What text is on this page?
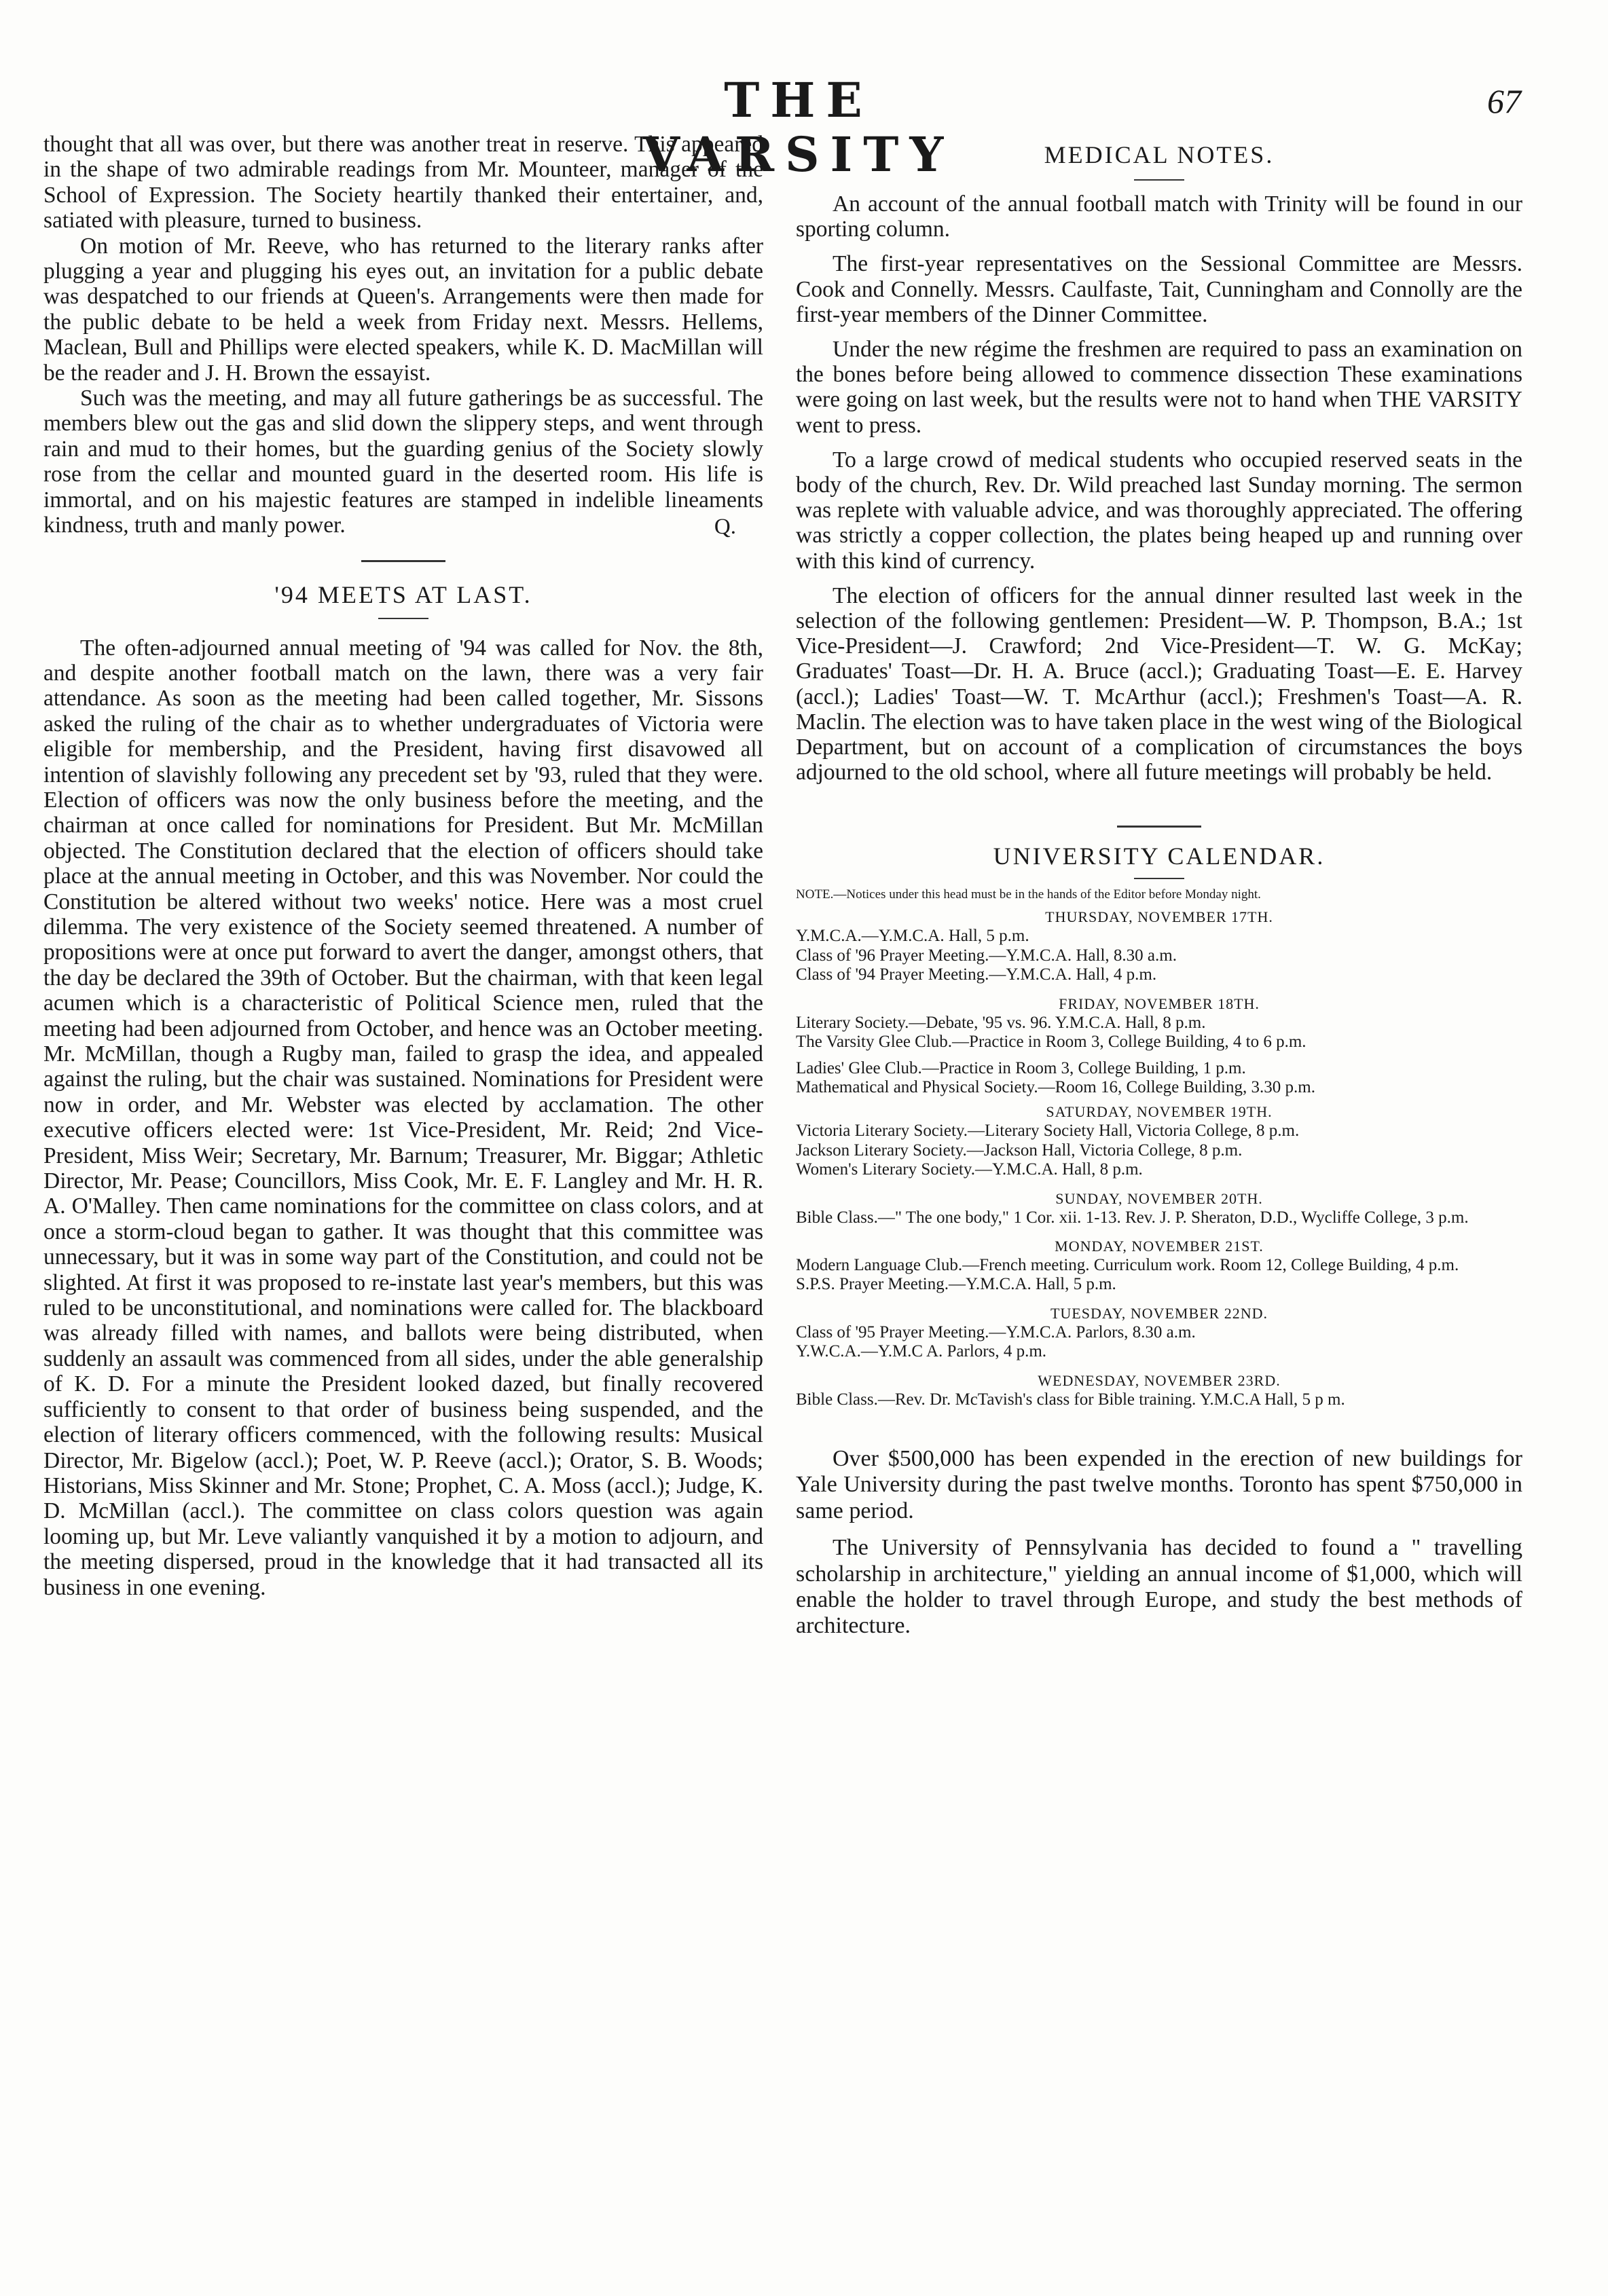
THE VARSITY
67

thought that all was over, but there was another treat in reserve. This appeared in the shape of two admirable readings from Mr. Mounteer, manager of the School of Expression. The Society heartily thanked their entertainer, and, satiated with pleasure, turned to business.

On motion of Mr. Reeve, who has returned to the literary ranks after plugging a year and plugging his eyes out, an invitation for a public debate was despatched to our friends at Queen's. Arrangements were then made for the public debate to be held a week from Friday next. Messrs. Hellems, Maclean, Bull and Phillips were elected speakers, while K. D. MacMillan will be the reader and J. H. Brown the essayist.

Such was the meeting, and may all future gatherings be as successful. The members blew out the gas and slid down the slippery steps, and went through rain and mud to their homes, but the guarding genius of the Society slowly rose from the cellar and mounted guard in the deserted room. His life is immortal, and on his majestic features are stamped in indelible lineaments kindness, truth and manly power.	Q.
'94 MEETS AT LAST.

The often-adjourned annual meeting of '94 was called for Nov. the 8th, and despite another football match on the lawn, there was a very fair attendance. As soon as the meeting had been called together, Mr. Sissons asked the ruling of the chair as to whether undergraduates of Victoria were eligible for membership, and the President, having first disavowed all intention of slavishly following any precedent set by '93, ruled that they were. Election of officers was now the only business before the meeting, and the chairman at once called for nominations for President. But Mr. McMillan objected. The Constitution declared that the election of officers should take place at the annual meeting in October, and this was November. Nor could the Constitution be altered without two weeks' notice. Here was a most cruel dilemma. The very existence of the Society seemed threatened. A number of propositions were at once put forward to avert the danger, amongst others, that the day be declared the 39th of October. But the chairman, with that keen legal acumen which is a characteristic of Political Science men, ruled that the meeting had been adjourned from October, and hence was an October meeting. Mr. McMillan, though a Rugby man, failed to grasp the idea, and appealed against the ruling, but the chair was sustained. Nominations for President were now in order, and Mr. Webster was elected by acclamation. The other executive officers elected were: 1st Vice-President, Mr. Reid; 2nd Vice-President, Miss Weir; Secretary, Mr. Barnum; Treasurer, Mr. Biggar; Athletic Director, Mr. Pease; Councillors, Miss Cook, Mr. E. F. Langley and Mr. H. R. A. O'Malley. Then came nominations for the committee on class colors, and at once a storm-cloud began to gather. It was thought that this committee was unnecessary, but it was in some way part of the Constitution, and could not be slighted. At first it was proposed to re-instate last year's members, but this was ruled to be unconstitutional, and nominations were called for. The blackboard was already filled with names, and ballots were being distributed, when suddenly an assault was commenced from all sides, under the able generalship of K. D. For a minute the President looked dazed, but finally recovered sufficiently to consent to that order of business being suspended, and the election of literary officers commenced, with the following results: Musical Director, Mr. Bigelow (accl.); Poet, W. P. Reeve (accl.); Orator, S. B. Woods; Historians, Miss Skinner and Mr. Stone; Prophet, C. A. Moss (accl.); Judge, K. D. McMillan (accl.). The committee on class colors question was again looming up, but Mr. Leve valiantly vanquished it by a motion to adjourn, and the meeting dispersed, proud in the knowledge that it had transacted all its business in one evening.

MEDICAL NOTES.

An account of the annual football match with Trinity will be found in our sporting column.

The first-year representatives on the Sessional Committee are Messrs. Cook and Connelly. Messrs. Caulfaste, Tait, Cunningham and Connolly are the first-year members of the Dinner Committee.

Under the new régime the freshmen are required to pass an examination on the bones before being allowed to commence dissection These examinations were going on last week, but the results were not to hand when THE VARSITY went to press.

To a large crowd of medical students who occupied reserved seats in the body of the church, Rev. Dr. Wild preached last Sunday morning. The sermon was replete with valuable advice, and was thoroughly appreciated. The offering was strictly a copper collection, the plates being heaped up and running over with this kind of currency.

The election of officers for the annual dinner resulted last week in the selection of the following gentlemen: President—W. P. Thompson, B.A.; 1st Vice-President—J. Crawford; 2nd Vice-President—T. W. G. McKay; Graduates' Toast—Dr. H. A. Bruce (accl.); Graduating Toast—E. E. Harvey (accl.); Ladies' Toast—W. T. McArthur (accl.); Freshmen's Toast—A. R. Maclin. The election was to have taken place in the west wing of the Biological Department, but on account of a complication of circumstances the boys adjourned to the old school, where all future meetings will probably be held.

UNIVERSITY CALENDAR.

NOTE.—Notices under this head must be in the hands of the Editor before Monday night.

THURSDAY, NOVEMBER 17TH.

Y.M.C.A.—Y.M.C.A. Hall, 5 p.m.

Class of '96 Prayer Meeting.—Y.M.C.A. Hall, 8.30 a.m.

Class of '94 Prayer Meeting.—Y.M.C.A. Hall, 4 p.m.

FRIDAY, NOVEMBER 18TH.

Literary Society.—Debate, '95 vs. 96. Y.M.C.A. Hall, 8 p.m.

The Varsity Glee Club.—Practice in Room 3, College Building, 4 to 6 p.m.

Ladies' Glee Club.—Practice in Room 3, College Building, 1 p.m.

Mathematical and Physical Society.—Room 16, College Building, 3.30 p.m.

SATURDAY, NOVEMBER 19TH.

Victoria Literary Society.—Literary Society Hall, Victoria College, 8 p.m.

Jackson Literary Society.—Jackson Hall, Victoria College, 8 p.m.

Women's Literary Society.—Y.M.C.A. Hall, 8 p.m.

SUNDAY, NOVEMBER 20TH.

Bible Class.—" The one body," 1 Cor. xii. 1-13. Rev. J. P. Sheraton, D.D., Wycliffe College, 3 p.m.

MONDAY, NOVEMBER 21ST.

Modern Language Club.—French meeting. Curriculum work. Room 12, College Building, 4 p.m.

S.P.S. Prayer Meeting.—Y.M.C.A. Hall, 5 p.m.

TUESDAY, NOVEMBER 22ND.

Class of '95 Prayer Meeting.—Y.M.C.A. Parlors, 8.30 a.m.

Y.W.C.A.—Y.M.C A. Parlors, 4 p.m.

WEDNESDAY, NOVEMBER 23RD.

Bible Class.—Rev. Dr. McTavish's class for Bible training. Y.M.C.A Hall, 5 p m.

Over $500,000 has been expended in the erection of new buildings for Yale University during the past twelve months. Toronto has spent $750,000 in same period.

The University of Pennsylvania has decided to found a " travelling scholarship in architecture," yielding an annual income of $1,000, which will enable the holder to travel through Europe, and study the best methods of architecture.
